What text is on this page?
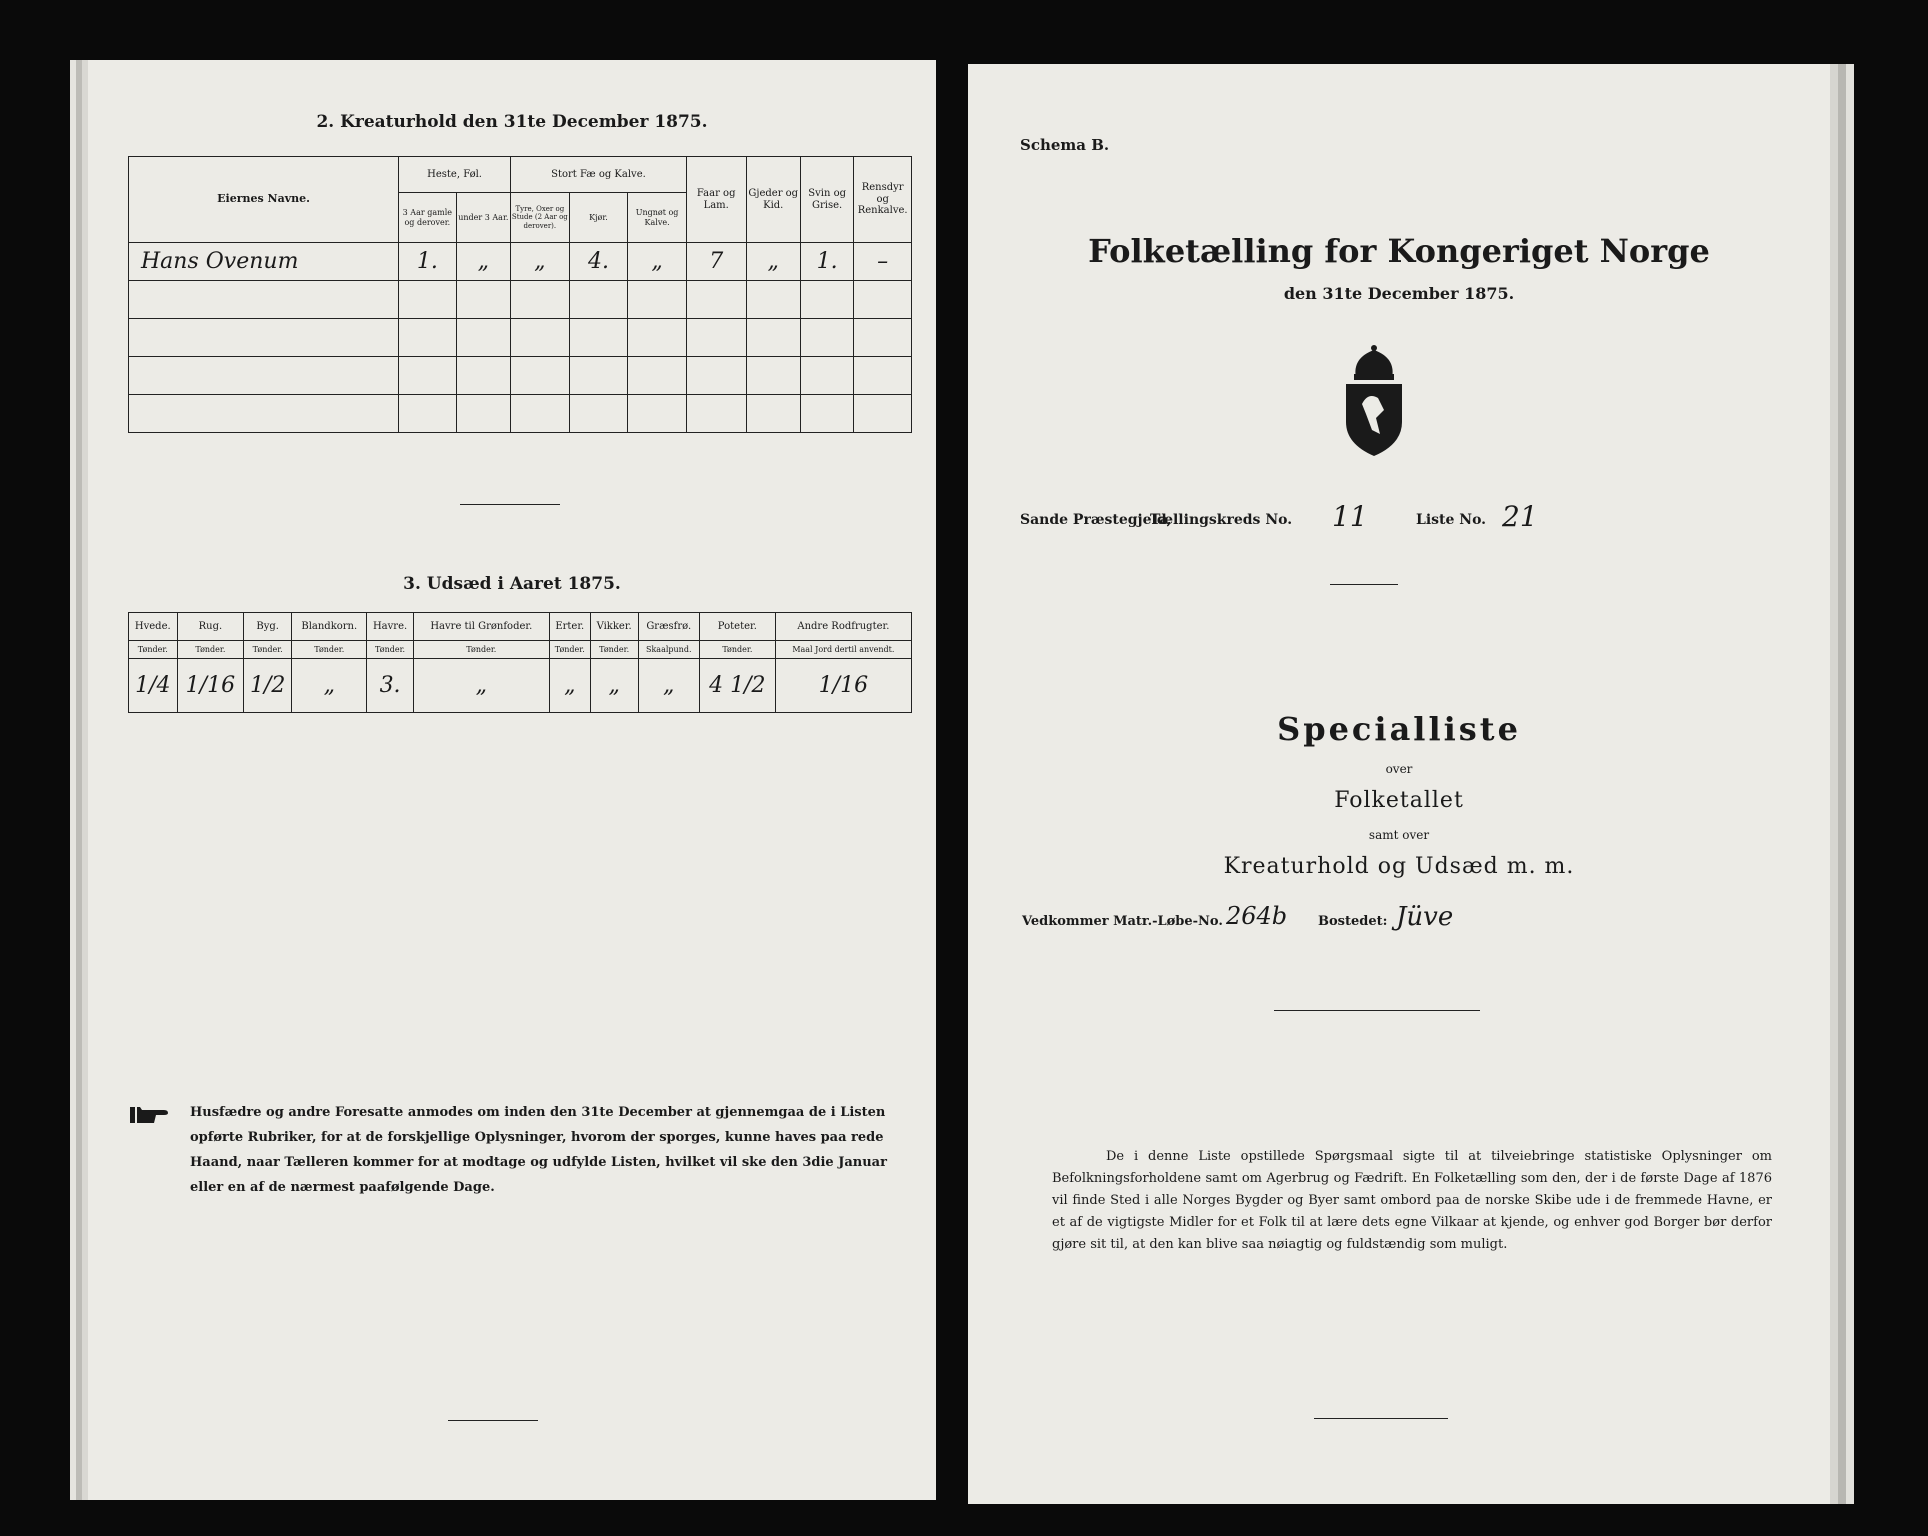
2. Kreaturhold den 31te December 1875.
Eiernes Navne.	Heste, Føl.		Stort Fæ og Kalve.			Faar og Lam.	Gjeder og Kid.	Svin og Grise.	Rensdyr og Renkalve.
	3 Aar gamle og derover.	under 3 Aar.	Tyre, Oxer og Stude (2 Aar og derover).	Kjør.	Ungnøt og Kalve.				
Hans Ovenum	1.	„	„	4.	„	7	„	1.	–

3. Udsæd i Aaret 1875.
Hvede.	Rug.	Byg.	Blandkorn.	Havre.	Havre til Grønfoder.	Erter.	Vikker.	Græsfrø.	Poteter.	Andre Rodfrugter.
Tønder.	Tønder.	Tønder.	Tønder.	Tønder.	Tønder.	Tønder.	Tønder.	Skaalpund.	Tønder.	Maal Jord dertil anvendt.
1/4	1/16	1/2	„	3.	„	„	„	„	4 1/2	1/16
Husfædre og andre Foresatte anmodes om inden den 31te December at gjennemgaa de i Listen opførte Rubriker, for at de forskjellige Oplysninger, hvorom der sporges, kunne haves paa rede Haand, naar Tælleren kommer for at modtage og udfylde Listen, hvilket vil ske den 3die Januar eller en af de nærmest paafølgende Dage.
Schema B.
Folketælling for Kongeriget Norge
den 31te December 1875.
Sande Præstegjeld,
Tællingskreds No. 11	Liste No. 21
Specialliste
over
Folketallet
samt over
Kreaturhold og Udsæd m. m.
Vedkommer Matr.-Løbe-No. 264b Bostedet: Jüve
De i denne Liste opstillede Spørgsmaal sigte til at tilveiebringe statistiske Oplysninger om Befolkningsforholdene samt om Agerbrug og Fædrift. En Folketælling som den, der i de første Dage af 1876 vil finde Sted i alle Norges Bygder og Byer samt ombord paa de norske Skibe ude i de fremmede Havne, er et af de vigtigste Midler for et Folk til at lære dets egne Vilkaar at kjende, og enhver god Borger bør derfor gjøre sit til, at den kan blive saa nøiagtig og fuldstændig som muligt.
